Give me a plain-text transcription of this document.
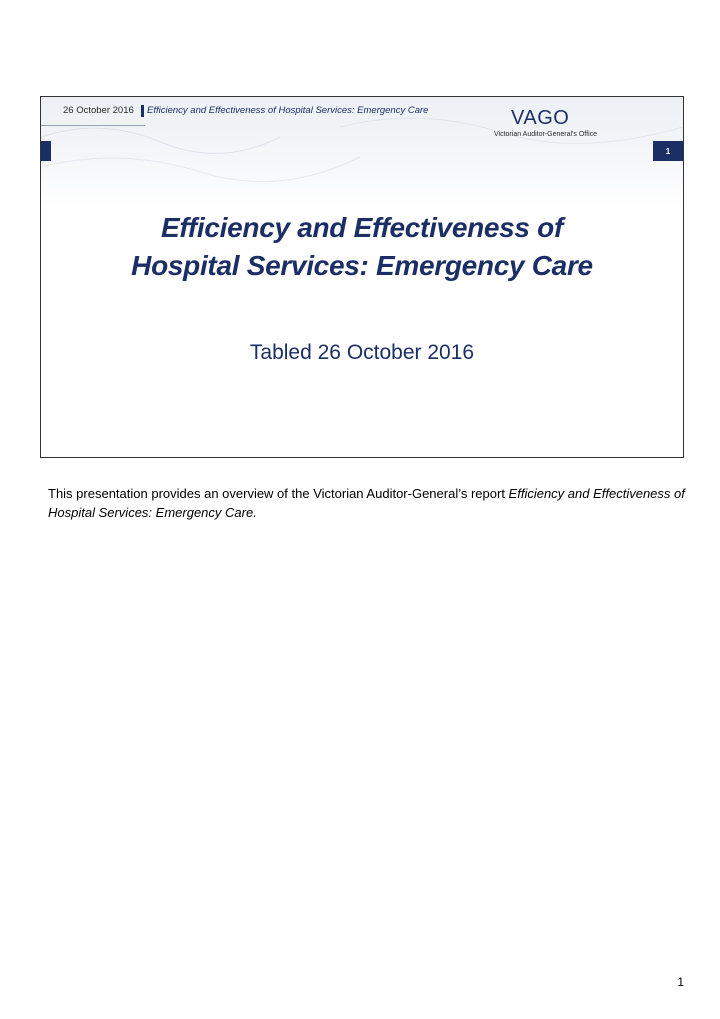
26 October 2016 Efficiency and Effectiveness of Hospital Services: Emergency Care	VAGO
Victorian Auditor-General's Office
1
Efficiency and Effectiveness of
Hospital Services: Emergency Care
Tabled 26 October 2016
This presentation provides an overview of the Victorian Auditor-General’s report Efficiency and Effectiveness of Hospital Services: Emergency Care.
1
